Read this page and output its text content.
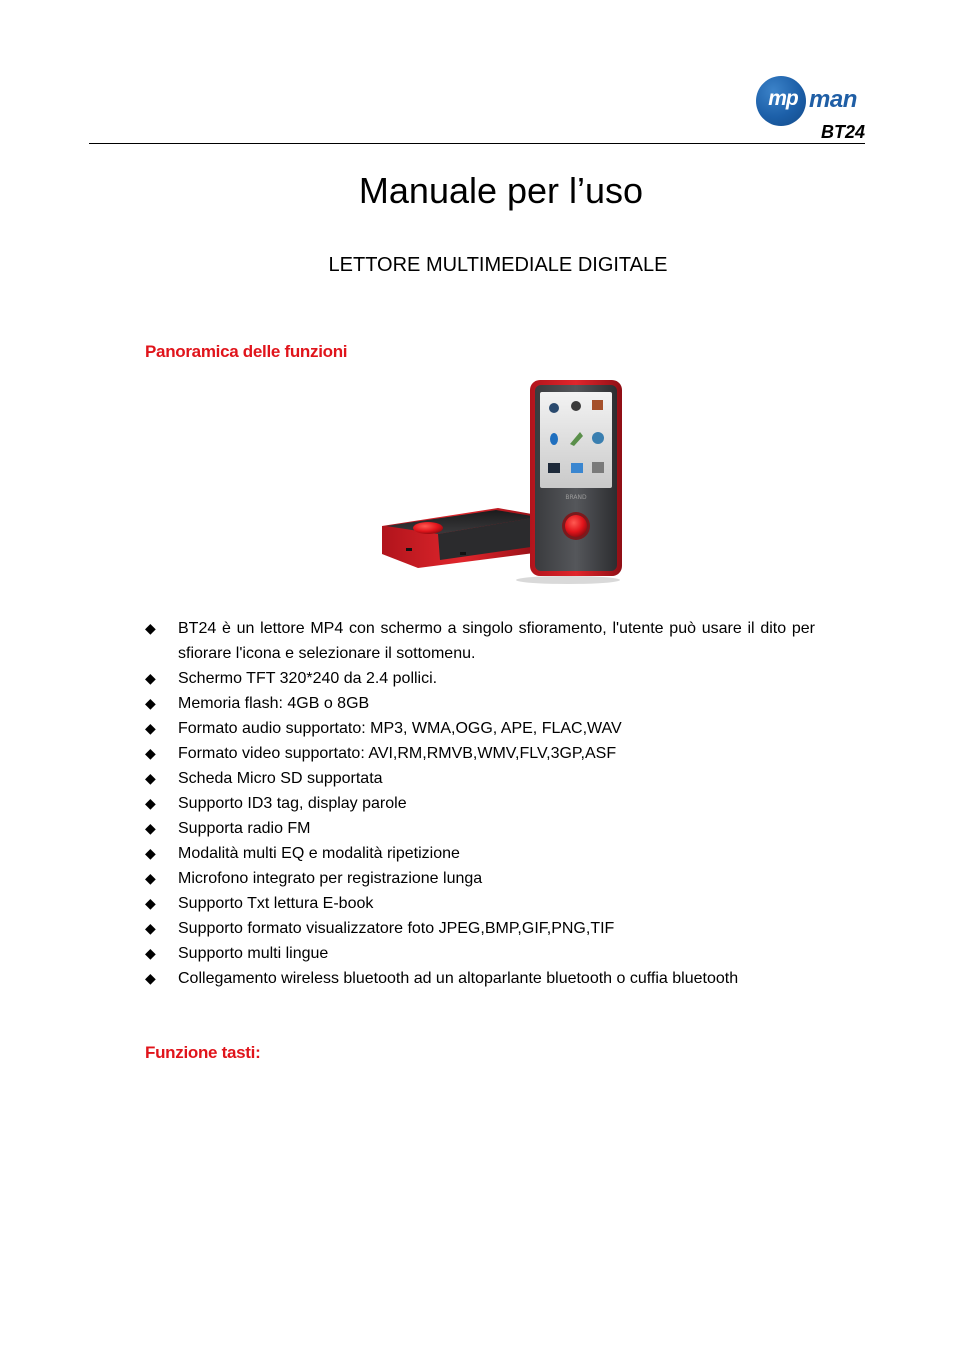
mp man
BT24
Manuale per l’uso
LETTORE MULTIMEDIALE DIGITALE
Panoramica delle funzioni
BRAND
◆ BT24 è un lettore MP4 con schermo a singolo sfioramento, l'utente può usare il dito per sfiorare l'icona e selezionare il sottomenu.
◆ Schermo TFT 320*240 da 2.4 pollici.
◆ Memoria flash: 4GB o 8GB
◆ Formato audio supportato: MP3, WMA,OGG, APE, FLAC,WAV
◆ Formato video supportato: AVI,RM,RMVB,WMV,FLV,3GP,ASF
◆ Scheda Micro SD supportata
◆ Supporto ID3 tag, display parole
◆ Supporta radio FM
◆ Modalità multi EQ e modalità ripetizione
◆ Microfono integrato per registrazione lunga
◆ Supporto Txt lettura E-book
◆ Supporto formato visualizzatore foto JPEG,BMP,GIF,PNG,TIF
◆ Supporto multi lingue
◆ Collegamento wireless bluetooth ad un altoparlante bluetooth o cuffia bluetooth
Funzione tasti:
